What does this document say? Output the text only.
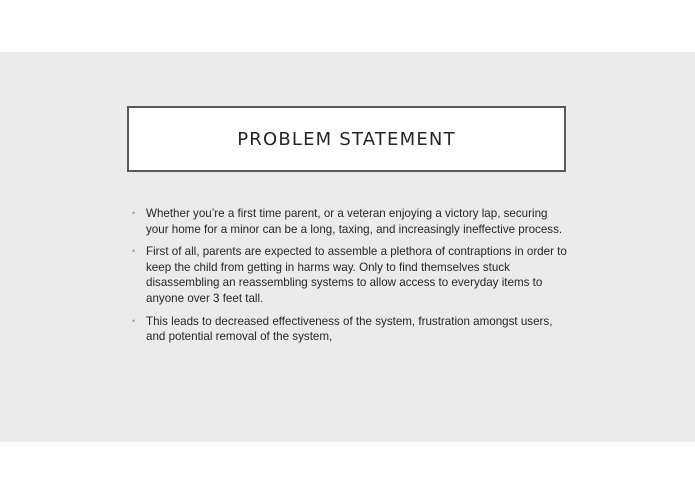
PROBLEM STATEMENT
• Whether you’re a first time parent, or a veteran enjoying a victory lap, securing your home for a minor can be a long, taxing, and increasingly ineffective process.
• First of all, parents are expected to assemble a plethora of contraptions in order to keep the child from getting in harms way. Only to find themselves stuck disassembling an reassembling systems to allow access to everyday items to anyone over 3 feet tall.
• This leads to decreased effectiveness of the system, frustration amongst users, and potential removal of the system,
